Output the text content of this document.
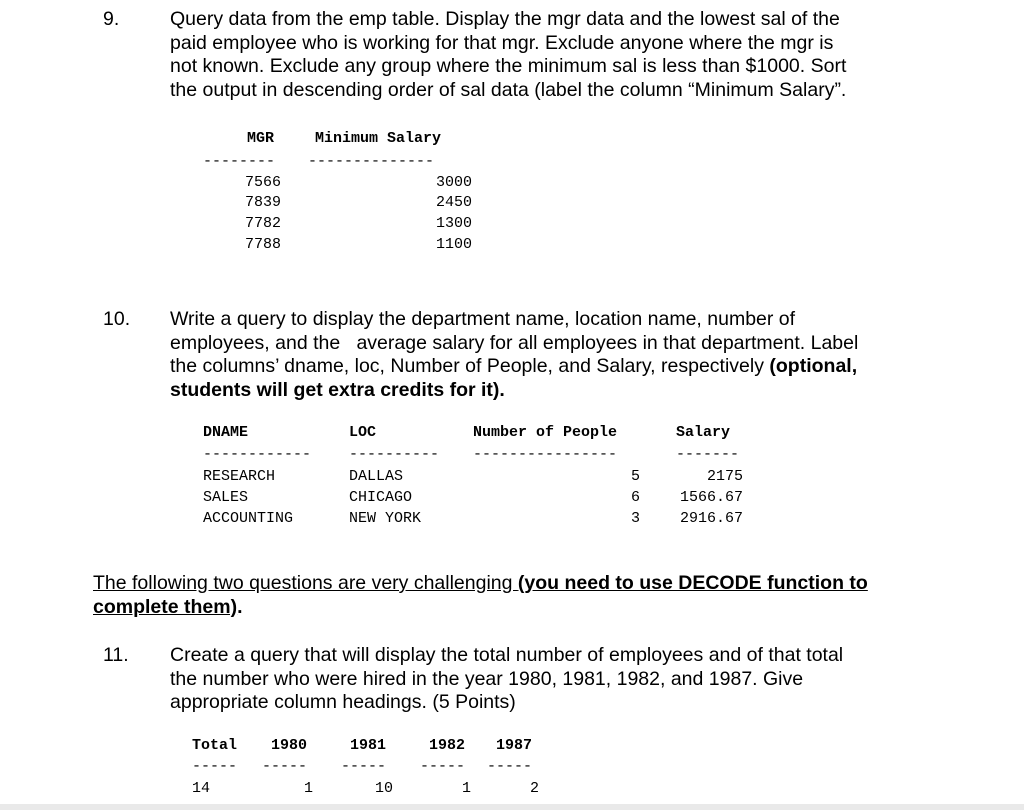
9.	Query data from the emp table. Display the mgr data and the lowest sal of the
paid employee who is working for that mgr. Exclude anyone where the mgr is
not known. Exclude any group where the minimum sal is less than $1000. Sort
the output in descending order of sal data (label the column “Minimum Salary”.
MGR	Minimum Salary
-------- --------------
7566	3000
7839	2450
7782	1300
7788	1100
10. Write a query to display the department name, location name, number of
employees, and the   average salary for all employees in that department. Label
the columns’ dname, loc, Number of People, and Salary, respectively (optional,
students will get extra credits for it).
DNAME	LOC	Number of People	Salary
------------	---------- ----------------	-------
RESEARCH	DALLAS	5	2175
SALES	CHICAGO	6	1566.67
ACCOUNTING	NEW YORK	3	2916.67
The following two questions are very challenging (you need to use DECODE function to
complete them).
11. Create a query that will display the total number of employees and of that total
the number who were hired in the year 1980, 1981, 1982, and 1987. Give
appropriate column headings. (5 Points)
Total 1980	1981	1982 1987
----- ----- ----- ----- -----
14	1	10	1	2
